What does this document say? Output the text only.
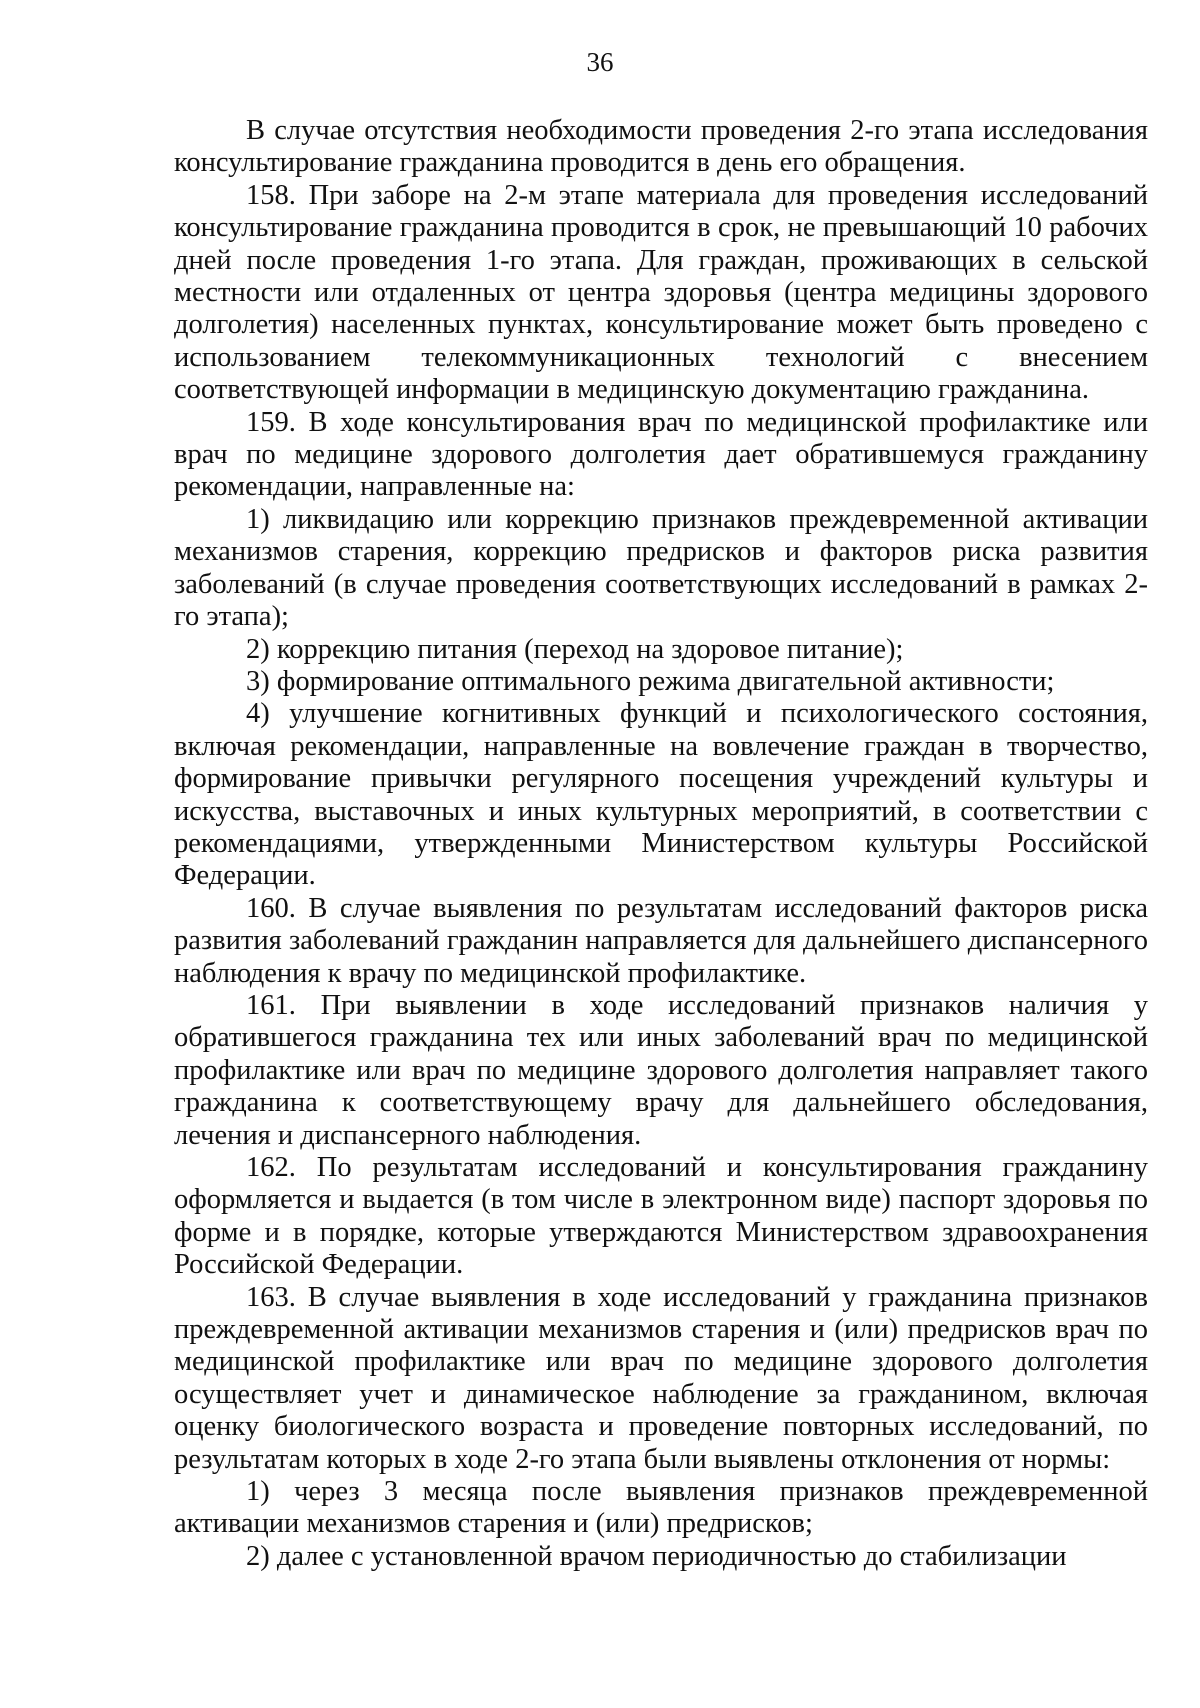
36

В случае отсутствия необходимости проведения 2-го этапа исследования консультирование гражданина проводится в день его обращения.

158. При заборе на 2-м этапе материала для проведения исследований консультирование гражданина проводится в срок, не превышающий 10 рабочих дней после проведения 1-го этапа. Для граждан, проживающих в сельской местности или отдаленных от центра здоровья (центра медицины здорового долголетия) населенных пунктах, консультирование может быть проведено с использованием телекоммуникационных технологий с внесением соответствующей информации в медицинскую документацию гражданина.

159. В ходе консультирования врач по медицинской профилактике или врач по медицине здорового долголетия дает обратившемуся гражданину рекомендации, направленные на:

1) ликвидацию или коррекцию признаков преждевременной активации механизмов старения, коррекцию предрисков и факторов риска развития заболеваний (в случае проведения соответствующих исследований в рамках 2-го этапа);

2) коррекцию питания (переход на здоровое питание);

3) формирование оптимального режима двигательной активности;

4) улучшение когнитивных функций и психологического состояния, включая рекомендации, направленные на вовлечение граждан в творчество, формирование привычки регулярного посещения учреждений культуры и искусства, выставочных и иных культурных мероприятий, в соответствии с рекомендациями, утвержденными Министерством культуры Российской Федерации.

160. В случае выявления по результатам исследований факторов риска развития заболеваний гражданин направляется для дальнейшего диспансерного наблюдения к врачу по медицинской профилактике.

161. При выявлении в ходе исследований признаков наличия у обратившегося гражданина тех или иных заболеваний врач по медицинской профилактике или врач по медицине здорового долголетия направляет такого гражданина к соответствующему врачу для дальнейшего обследования, лечения и диспансерного наблюдения.

162. По результатам исследований и консультирования гражданину оформляется и выдается (в том числе в электронном виде) паспорт здоровья по форме и в порядке, которые утверждаются Министерством здравоохранения Российской Федерации.

163. В случае выявления в ходе исследований у гражданина признаков преждевременной активации механизмов старения и (или) предрисков врач по медицинской профилактике или врач по медицине здорового долголетия осуществляет учет и динамическое наблюдение за гражданином, включая оценку биологического возраста и проведение повторных исследований, по результатам которых в ходе 2-го этапа были выявлены отклонения от нормы:

1) через 3 месяца после выявления признаков преждевременной активации механизмов старения и (или) предрисков;

2) далее с установленной врачом периодичностью до стабилизации
